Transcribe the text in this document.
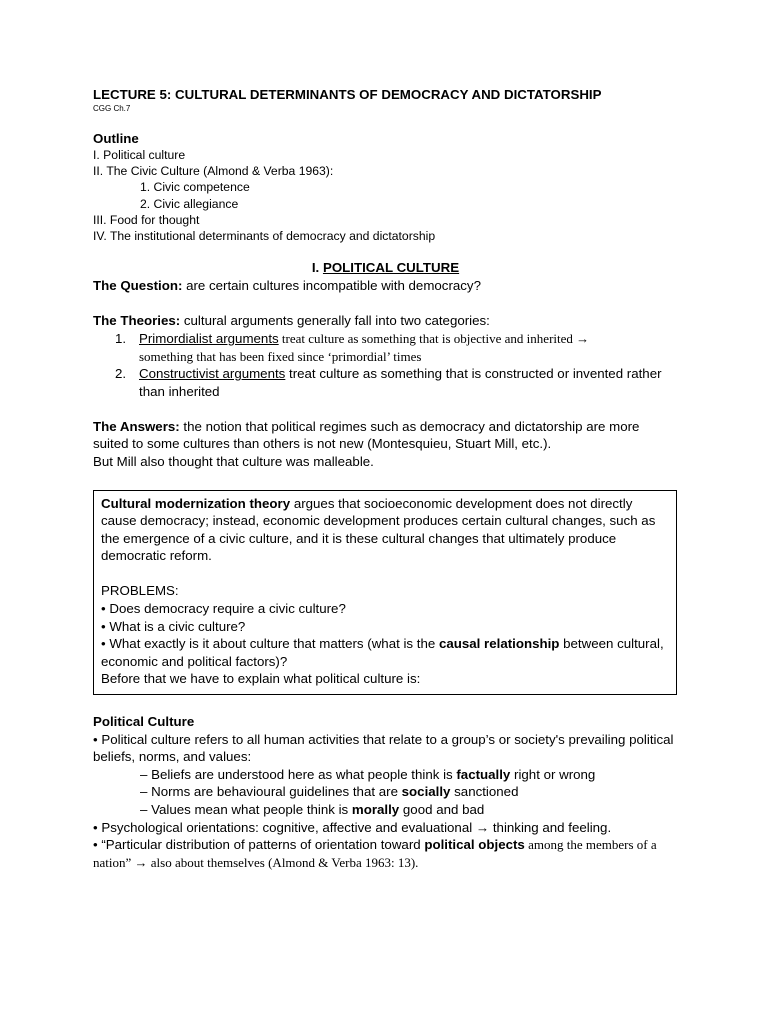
LECTURE 5: CULTURAL DETERMINANTS OF DEMOCRACY AND DICTATORSHIP
CGG Ch.7
Outline
I. Political culture
II. The Civic Culture (Almond & Verba 1963):
1. Civic competence
2. Civic allegiance
III. Food for thought
IV. The institutional determinants of democracy and dictatorship
I. POLITICAL CULTURE
The Question: are certain cultures incompatible with democracy?
The Theories: cultural arguments generally fall into two categories:
1. Primordialist arguments treat culture as something that is objective and inherited →
something that has been fixed since ‘primordial’ times
2. Constructivist arguments treat culture as something that is constructed or invented rather than inherited
The Answers: the notion that political regimes such as democracy and dictatorship are more suited to some cultures than others is not new (Montesquieu, Stuart Mill, etc.).
But Mill also thought that culture was malleable.
Cultural modernization theory argues that socioeconomic development does not directly cause democracy; instead, economic development produces certain cultural changes, such as the emergence of a civic culture, and it is these cultural changes that ultimately produce democratic reform.
PROBLEMS:
• Does democracy require a civic culture?
• What is a civic culture?
• What exactly is it about culture that matters (what is the causal relationship between cultural, economic and political factors)?
Before that we have to explain what political culture is:
Political Culture
• Political culture refers to all human activities that relate to a group’s or society's prevailing political beliefs, norms, and values:
– Beliefs are understood here as what people think is factually right or wrong
– Norms are behavioural guidelines that are socially sanctioned
– Values mean what people think is morally good and bad
• Psychological orientations: cognitive, affective and evaluational → thinking and feeling.
• “Particular distribution of patterns of orientation toward political objects among the members of a nation” → also about themselves (Almond & Verba 1963: 13).
